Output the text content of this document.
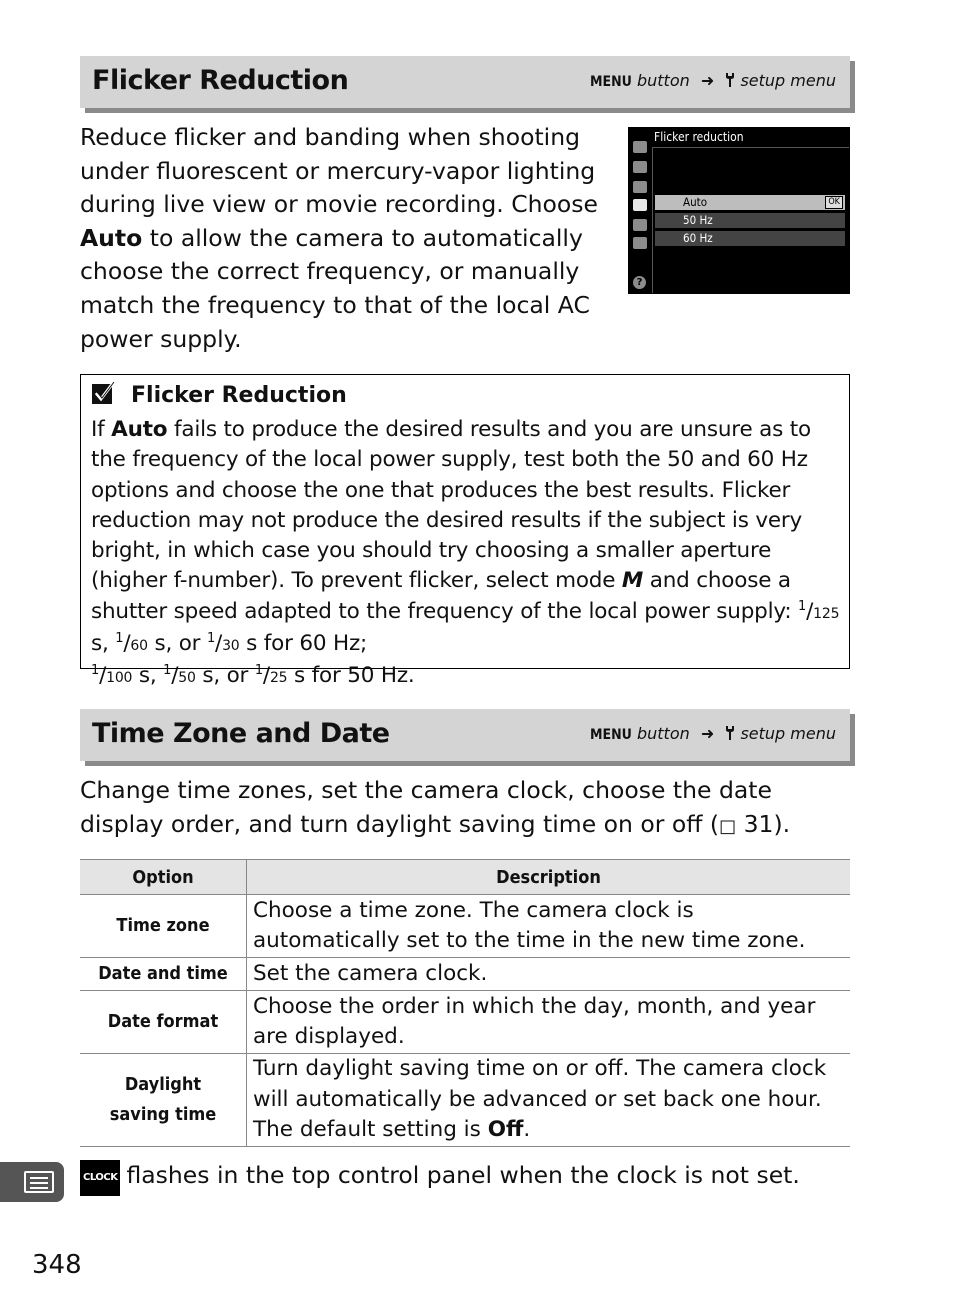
Flicker Reduction	MENU button ➜ setup menu
Reduce flicker and banding when shooting under fluorescent or mercury-vapor lighting during live view or movie recording. Choose Auto to allow the camera to automatically choose the correct frequency, or manually match the frequency to that of the local AC power supply.
Flicker reduction
?
Auto	OK
50 Hz
60 Hz
Flicker Reduction
If Auto fails to produce the desired results and you are unsure as to the frequency of the local power supply, test both the 50 and 60 Hz options and choose the one that produces the best results. Flicker reduction may not produce the desired results if the subject is very bright, in which case you should try choosing a smaller aperture (higher f-number). To prevent flicker, select mode M and choose a shutter speed adapted to the frequency of the local power supply: $^1$/125 s, $^1$/60 s, or $^1$/30 s for 60 Hz;
$^1$/100 s, $^1$/50 s, or $^1$/25 s for 50 Hz.
Time Zone and Date	MENU button ➜ setup menu
Change time zones, set the camera clock, choose the date display order, and turn daylight saving time on or off (□ 31).
Option	Description
Time zone	Choose a time zone. The camera clock is automatically set to the time in the new time zone.
Date and time	Set the camera clock.
Date format	Choose the order in which the day, month, and year are displayed.
Daylight saving time	Turn daylight saving time on or off. The camera clock will automatically be advanced or set back one hour. The default setting is Off.
CLOCK flashes in the top control panel when the clock is not set.
348
